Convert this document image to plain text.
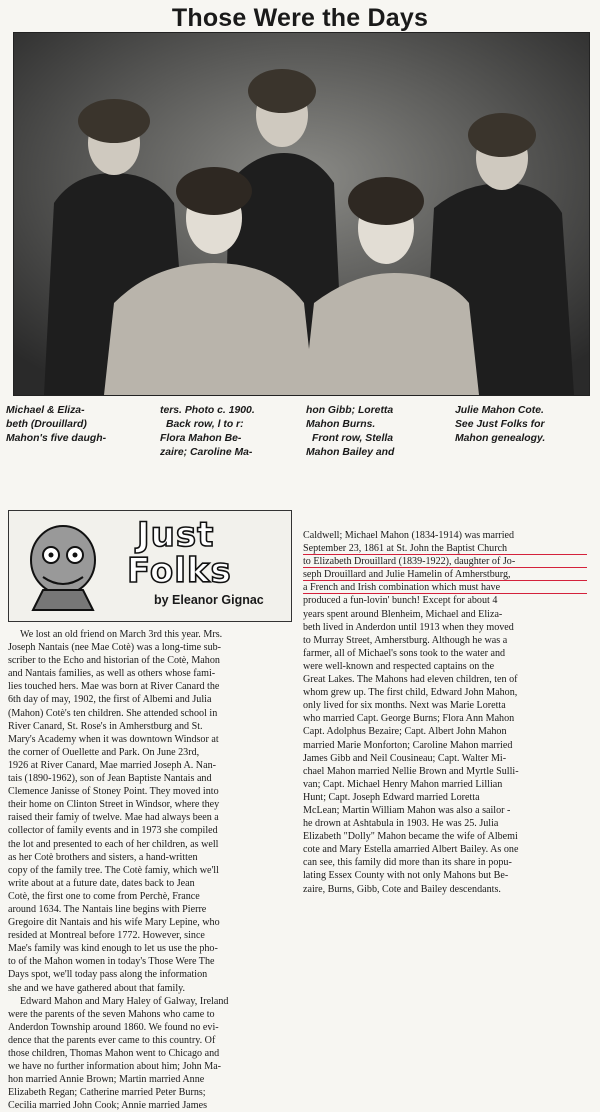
Those Were the Days
Michael & Eliza-
beth (Drouillard)
Mahon's five daugh-
ters. Photo c. 1900.
Back row, l to r:
Flora Mahon Be-
zaire; Caroline Ma-
hon Gibb; Loretta
Mahon Burns.
Front row, Stella
Mahon Bailey and
Julie Mahon Cote.
See Just Folks for
Mahon genealogy.
Just
Folks
by Eleanor Gignac
We lost an old friend on March 3rd this year. Mrs.
Joseph Nantais (nee Mae Cotè) was a long-time sub-
scriber to the Echo and historian of the Cotè, Mahon
and Nantais families, as well as others whose fami-
lies touched hers. Mae was born at River Canard the
6th day of may, 1902, the first of Albemi and Julia
(Mahon) Cotè's ten children. She attended school in
River Canard, St. Rose's in Amherstburg and St.
Mary's Academy when it was downtown Windsor at
the corner of Ouellette and Park. On June 23rd,
1926 at River Canard, Mae married Joseph A. Nan-
tais (1890-1962), son of Jean Baptiste Nantais and
Clemence Janisse of Stoney Point. They moved into
their home on Clinton Street in Windsor, where they
raised their famiy of twelve. Mae had always been a
collector of family events and in 1973 she compiled
the lot and presented to each of her children, as well
as her Cotè brothers and sisters, a hand-written
copy of the family tree. The Cotè famiy, which we'll
write about at a future date, dates back to Jean
Cotè, the first one to come from Perchè, France
around 1634. The Nantais line begins with Pierre
Gregoire dit Nantais and his wife Mary Lepine, who
resided at Montreal before 1772. However, since
Mae's family was kind enough to let us use the pho-
to of the Mahon women in today's Those Were The
Days spot, we'll today pass along the information
she and we have gathered about that family.
Edward Mahon and Mary Haley of Galway, Ireland
were the parents of the seven Mahons who came to
Anderdon Township around 1860. We found no evi-
dence that the parents ever came to this country. Of
those children, Thomas Mahon went to Chicago and
we have no further information about him; John Ma-
hon married Annie Brown; Martin married Anne
Elizabeth Regan; Catherine married Peter Burns;
Cecilia married John Cook; Annie married James
Caldwell; Michael Mahon (1834-1914) was married
September 23, 1861 at St. John the Baptist Church
to Elizabeth Drouillard (1839-1922), daughter of Jo-
seph Drouillard and Julie Hamelin of Amherstburg,
a French and Irish combination which must have
produced a fun-lovin' bunch! Except for about 4
years spent around Blenheim, Michael and Eliza-
beth lived in Anderdon until 1913 when they moved
to Murray Street, Amherstburg. Although he was a
farmer, all of Michael's sons took to the water and
were well-known and respected captains on the
Great Lakes. The Mahons had eleven children, ten of
whom grew up. The first child, Edward John Mahon,
only lived for six months. Next was Marie Loretta
who married Capt. George Burns; Flora Ann Mahon
Capt. Adolphus Bezaire; Capt. Albert John Mahon
married Marie Monforton; Caroline Mahon married
James Gibb and Neil Cousineau; Capt. Walter Mi-
chael Mahon married Nellie Brown and Myrtle Sulli-
van; Capt. Michael Henry Mahon married Lillian
Hunt; Capt. Joseph Edward married Loretta
McLean; Martin William Mahon was also a sailor -
he drown at Ashtabula in 1903. He was 25. Julia
Elizabeth "Dolly" Mahon became the wife of Albemi
cote and Mary Estella amarried Albert Bailey. As one
can see, this family did more than its share in popu-
lating Essex County with not only Mahons but Be-
zaire, Burns, Gibb, Cote and Bailey descendants.
